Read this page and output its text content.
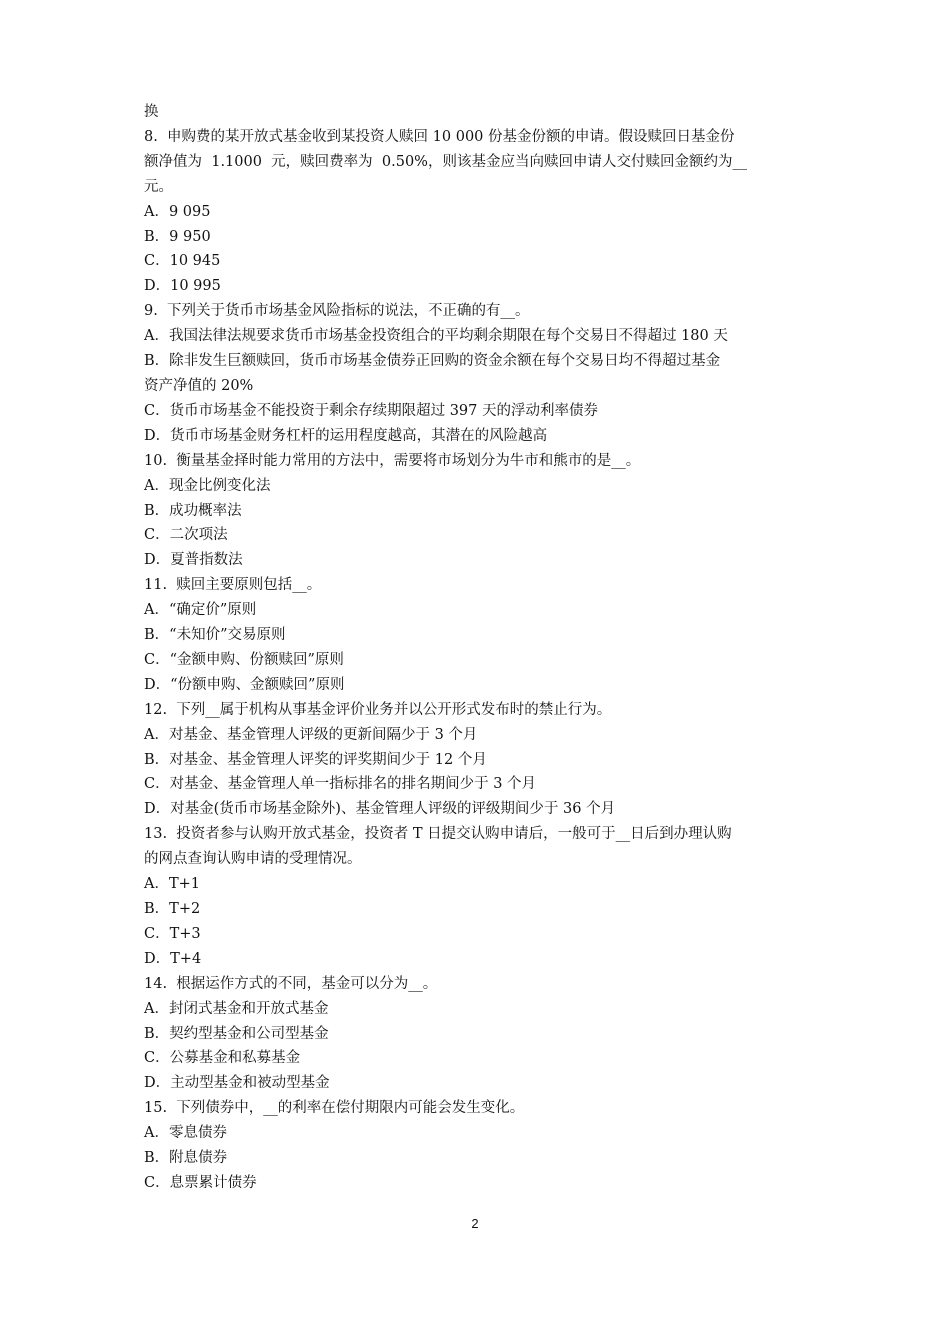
换
8.  申购费的某开放式基金收到某投资人赎回 10 000 份基金份额的申请。假设赎回日基金份
额净值为  1.1000  元，赎回费率为  0.50%，则该基金应当向赎回申请人交付赎回金额约为__
元。
A．9 095
B．9 950
C．10 945
D．10 995
9.  下列关于货币市场基金风险指标的说法，不正确的有__。
A．我国法律法规要求货币市场基金投资组合的平均剩余期限在每个交易日不得超过 180 天
B．除非发生巨额赎回，货币市场基金债券正回购的资金余额在每个交易日均不得超过基金
资产净值的 20%
C．货币市场基金不能投资于剩余存续期限超过 397 天的浮动利率债券
D．货币市场基金财务杠杆的运用程度越高，其潜在的风险越高
10.  衡量基金择时能力常用的方法中，需要将市场划分为牛市和熊市的是__。
A．现金比例变化法
B．成功概率法
C．二次项法
D．夏普指数法
11.  赎回主要原则包括__。
A．“确定价”原则
B．“未知价”交易原则
C．“金额申购、份额赎回”原则
D．“份额申购、金额赎回”原则
12.  下列__属于机构从事基金评价业务并以公开形式发布时的禁止行为。
A．对基金、基金管理人评级的更新间隔少于 3 个月
B．对基金、基金管理人评奖的评奖期间少于 12 个月
C．对基金、基金管理人单一指标排名的排名期间少于 3 个月
D．对基金(货币市场基金除外)、基金管理人评级的评级期间少于 36 个月
13.  投资者参与认购开放式基金，投资者 T 日提交认购申请后，一般可于__日后到办理认购
的网点查询认购申请的受理情况。
A．T+1
B．T+2
C．T+3
D．T+4
14.  根据运作方式的不同，基金可以分为__。
A．封闭式基金和开放式基金
B．契约型基金和公司型基金
C．公募基金和私募基金
D．主动型基金和被动型基金
15.  下列债券中，__的利率在偿付期限内可能会发生变化。
A．零息债券
B．附息债券
C．息票累计债券
2
